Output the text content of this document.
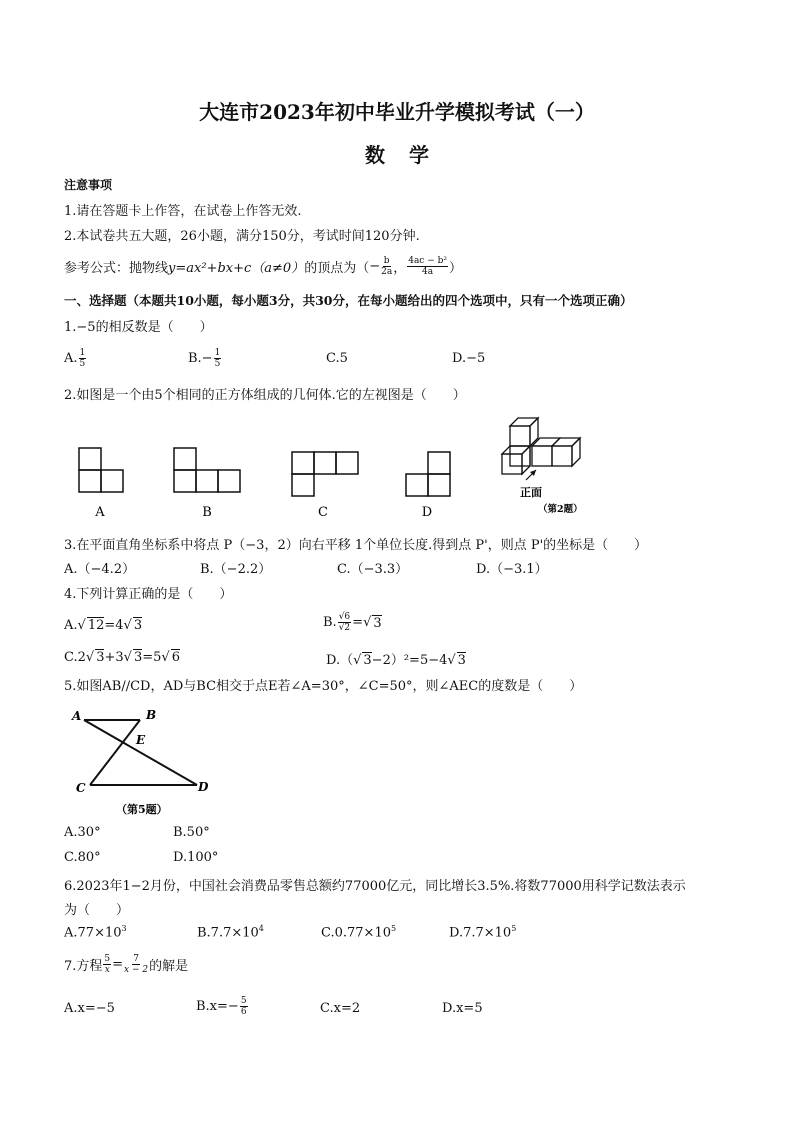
大连市2023年初中毕业升学模拟考试（一）
数学
注意事项
1.请在答题卡上作答，在试卷上作答无效.
2.本试卷共五大题，26小题，满分150分，考试时间120分钟.
参考公式：抛物线 y=ax²+bx+c（a≠0） 的顶点为（ − $\frac{b}{2a}$ ， $\frac{\text{4ac − b²}}{4a}$ ）
一、选择题（本题共10小题，每小题3分，共30分，在每小题给出的四个选项中，只有一个选项正确）
1.−5的相反数是（　　）
A. $\frac{1}{5}$	$B.- \frac{1}{5}$	C.5	D.−5
2.如图是一个由5个相同的正方体组成的几何体.它的左视图是（　　）
正面
（第2题）
A	B	C	D
3.在平面直角坐标系中将点 P（−3，2）向右平移 1个单位长度.得到点 P'，则点 P'的坐标是（　　）
A.（−4.2）	B.（−2.2）	C.（−3.3）	D.（−3.1）
4.下列计算正确的是（　　）
A. √ 12=4 √ 3	B. $\frac{√6}{√2}$ = √ 3
C.2 √ 3+3 √ 3=5 √ 6	D.（ √ 3−2）²=5−4 √ 3
5.如图AB//CD，AD与BC相交于点E若∠A=30°，∠C=50°，则∠AEC的度数是（　　）
A	B
E
C	D
（第5题）
A.30°	B.50°
C.80°	D.100°
6.2023年1−2月份，中国社会消费品零售总额约77000亿元，同比增长3.5%.将数77000用科学记数法表示
为（　　）
$A.77\times 10^3$	$B.7.7\times 10^4$	$C.0.77\times 10^5$	$D.7.7\times 10^5$
7.方程 $\frac{5}{x} = \frac{7}{x - 2}$ 的解是
A.x=−5	$B.x=- \frac{5}{6}$	C.x=2	D.x=5
